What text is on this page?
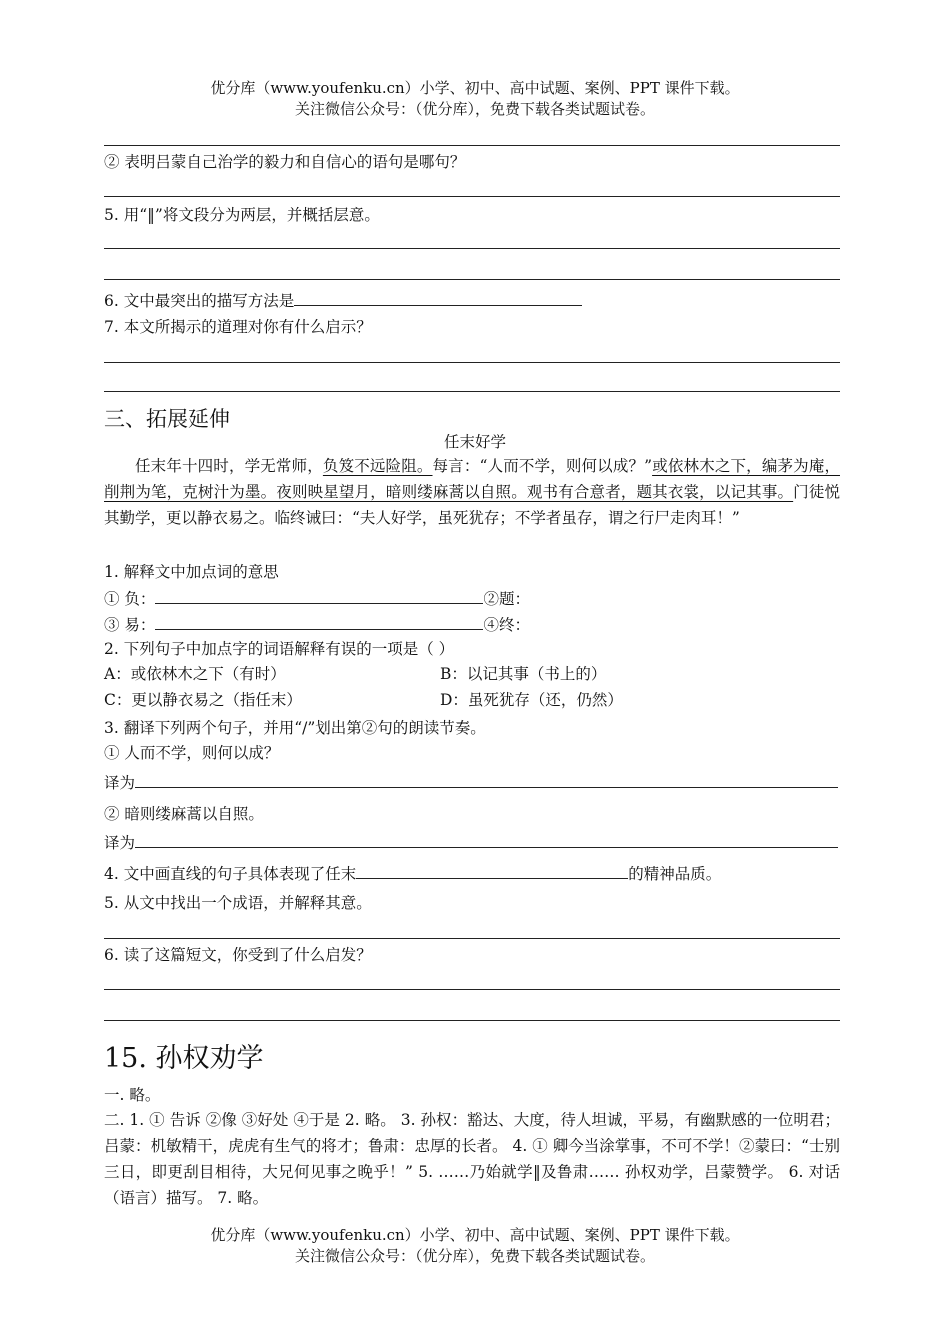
优分库（www.youfenku.cn）小学、初中、高中试题、案例、PPT 课件下载。
关注微信公众号：（优分库），免费下载各类试题试卷。
② 表明吕蒙自己治学的毅力和自信心的语句是哪句？
5. 用“‖”将文段分为两层，并概括层意。
6. 文中最突出的描写方法是
7. 本文所揭示的道理对你有什么启示？
三、拓展延伸
任末好学
任末年十四时，学无常师，负笈不远险阻。每言：“人而不学，则何以成？”或依林木之下，编茅为庵，削荆为笔，克树汁为墨。夜则映星望月，暗则缕麻蒿以自照。观书有合意者，题其衣裳，以记其事。门徒悦其勤学，更以静衣易之。临终诫曰：“夫人好学，虽死犹存；不学者虽存，谓之行尸走肉耳！”
1. 解释文中加点词的意思
① 负：	②题：
③ 易：	④终：
2. 下列句子中加点字的词语解释有误的一项是（ ）
A：或依林木之下（有时）	B：以记其事（书上的）
C：更以静衣易之（指任末）	D：虽死犹存（还，仍然）
3. 翻译下列两个句子，并用“/”划出第②句的朗读节奏。
① 人而不学，则何以成？
译为
② 暗则缕麻蒿以自照。
译为
4. 文中画直线的句子具体表现了任末	的精神品质。
5. 从文中找出一个成语，并解释其意。
6. 读了这篇短文，你受到了什么启发？
15. 孙权劝学
一. 略。
二. 1. ① 告诉 ②像 ③好处 ④于是 2. 略。 3. 孙权：豁达、大度，待人坦诚，平易，有幽默感的一位明君；吕蒙：机敏精干，虎虎有生气的将才；鲁肃：忠厚的长者。 4. ① 卿今当涂掌事，不可不学！②蒙曰：“士别三日，即更刮目相待，大兄何见事之晚乎！” 5. ……乃始就学‖及鲁肃…… 孙权劝学，吕蒙赞学。 6. 对话（语言）描写。 7. 略。
优分库（www.youfenku.cn）小学、初中、高中试题、案例、PPT 课件下载。
关注微信公众号：（优分库），免费下载各类试题试卷。
